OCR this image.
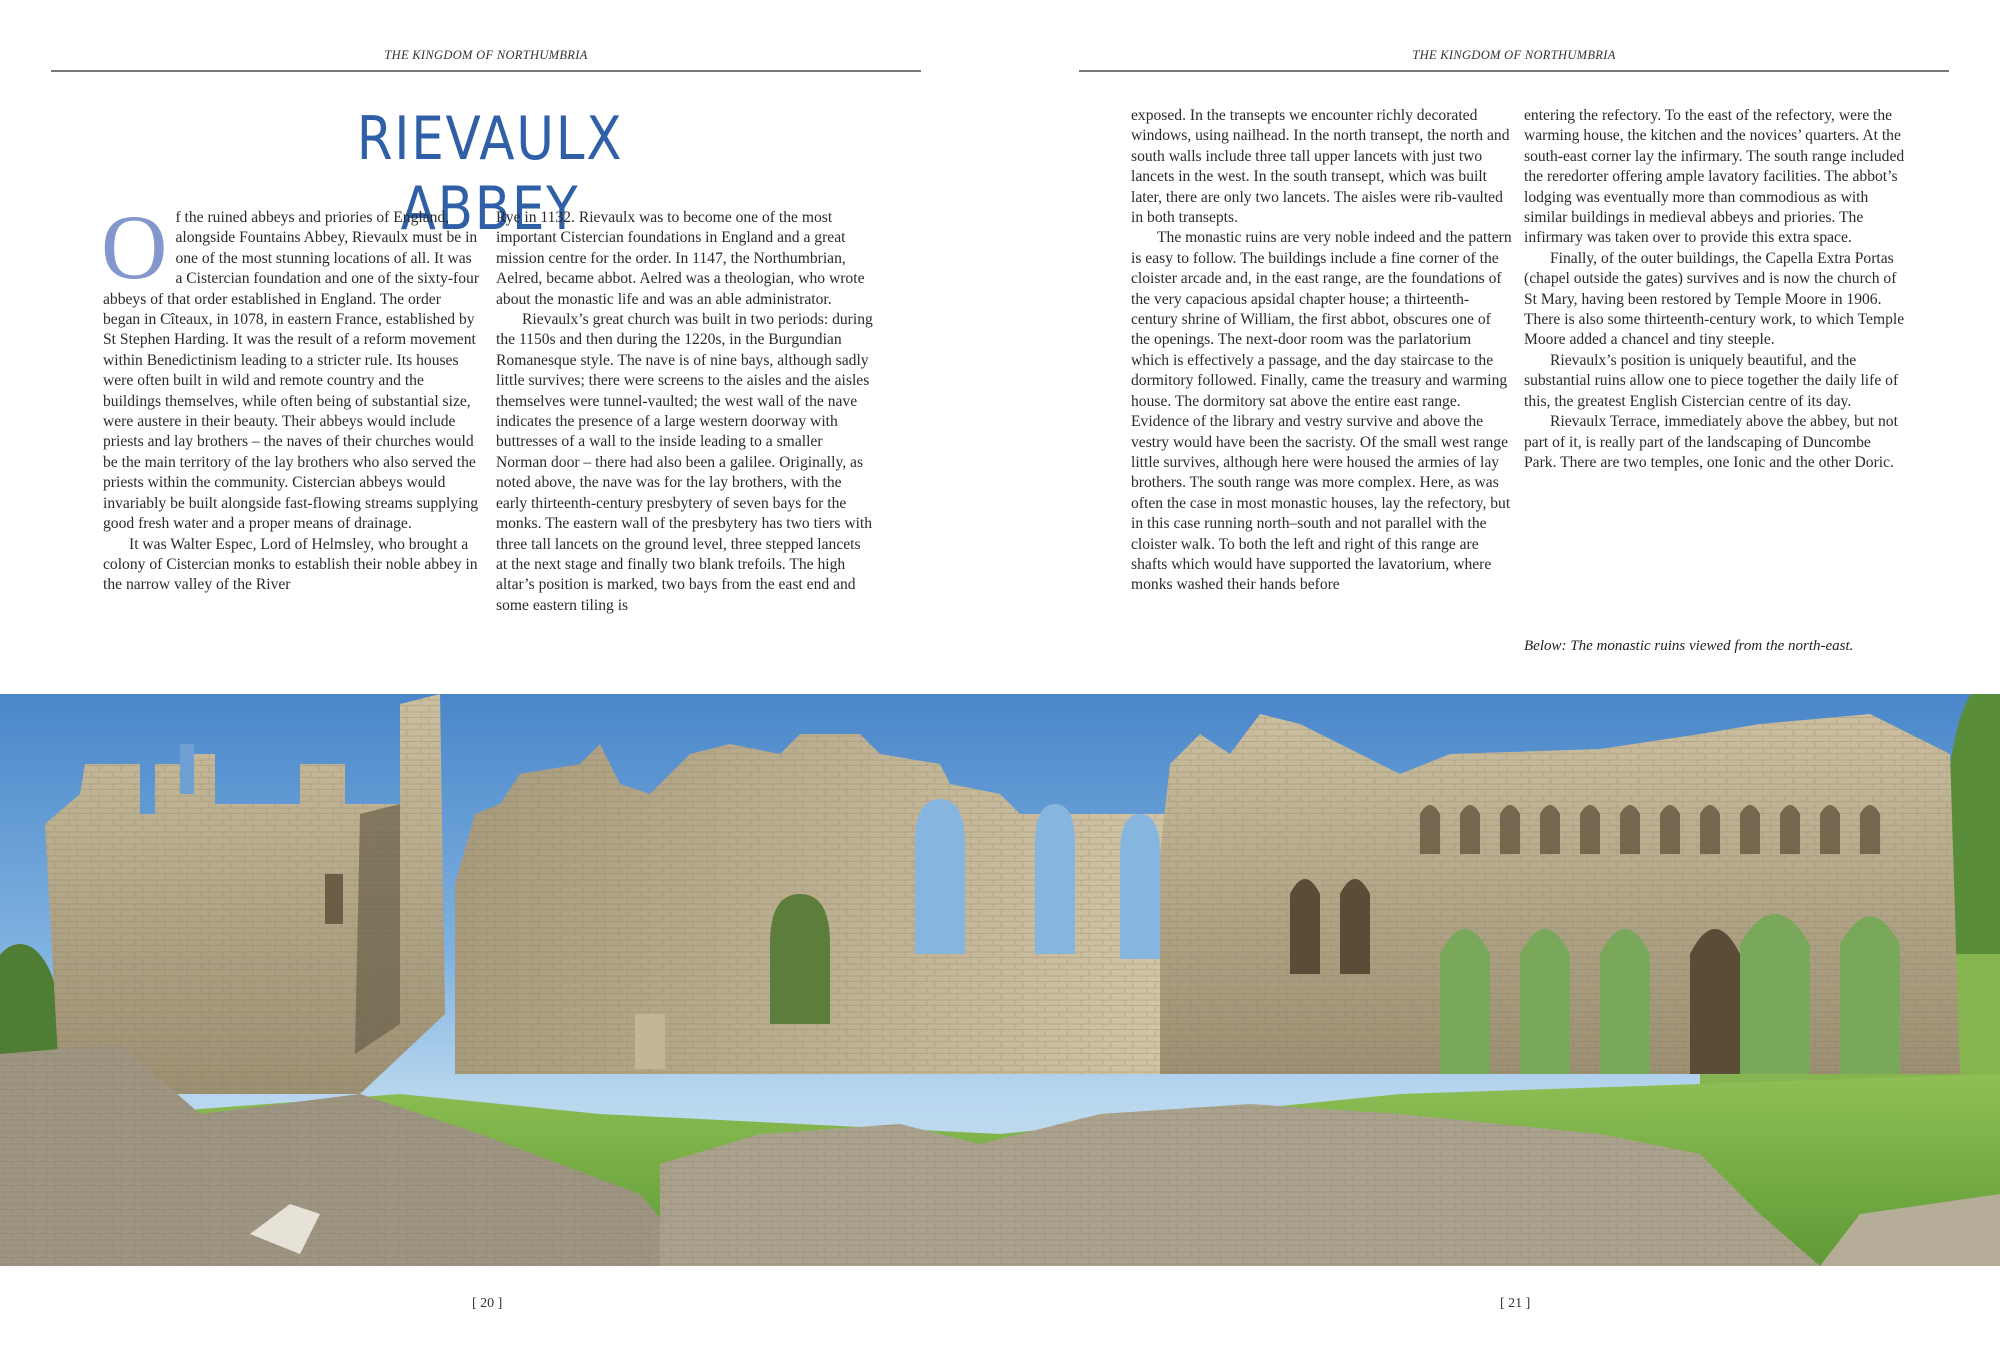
THE KINGDOM OF NORTHUMBRIA
RIEVAULX ABBEY

Of the ruined abbeys and priories of England, alongside Fountains Abbey, Rievaulx must be in one of the most stunning locations of all. It was a Cistercian foundation and one of the sixty-four abbeys of that order established in England. The order began in Cîteaux, in 1078, in eastern France, established by St Stephen Harding. It was the result of a reform movement within Benedictinism leading to a stricter rule. Its houses were often built in wild and remote country and the buildings themselves, while often being of substantial size, were austere in their beauty. Their abbeys would include priests and lay brothers – the naves of their churches would be the main territory of the lay brothers who also served the priests within the community. Cistercian abbeys would invariably be built alongside fast-flowing streams supplying good fresh water and a proper means of drainage.

It was Walter Espec, Lord of Helmsley, who brought a colony of Cistercian monks to establish their noble abbey in the narrow valley of the River

Rye in 1132. Rievaulx was to become one of the most important Cistercian foundations in England and a great mission centre for the order. In 1147, the Northumbrian, Aelred, became abbot. Aelred was a theologian, who wrote about the monastic life and was an able administrator.

Rievaulx’s great church was built in two periods: during the 1150s and then during the 1220s, in the Burgundian Romanesque style. The nave is of nine bays, although sadly little survives; there were screens to the aisles and the aisles themselves were tunnel-vaulted; the west wall of the nave indicates the presence of a large western doorway with buttresses of a wall to the inside leading to a smaller Norman door – there had also been a galilee. Originally, as noted above, the nave was for the lay brothers, with the early thirteenth-century presbytery of seven bays for the monks. The eastern wall of the presbytery has two tiers with three tall lancets on the ground level, three stepped lancets at the next stage and finally two blank trefoils. The high altar’s position is marked, two bays from the east end and some eastern tiling is

THE KINGDOM OF NORTHUMBRIA

exposed. In the transepts we encounter richly decorated windows, using nailhead. In the north transept, the north and south walls include three tall upper lancets with just two lancets in the west. In the south transept, which was built later, there are only two lancets. The aisles were rib-vaulted in both transepts.

The monastic ruins are very noble indeed and the pattern is easy to follow. The buildings include a fine corner of the cloister arcade and, in the east range, are the foundations of the very capacious apsidal chapter house; a thirteenth-century shrine of William, the first abbot, obscures one of the openings. The next-door room was the parlatorium which is effectively a passage, and the day staircase to the dormitory followed. Finally, came the treasury and warming house. The dormitory sat above the entire east range. Evidence of the library and vestry survive and above the vestry would have been the sacristy. Of the small west range little survives, although here were housed the armies of lay brothers. The south range was more complex. Here, as was often the case in most monastic houses, lay the refectory, but in this case running north–south and not parallel with the cloister walk. To both the left and right of this range are shafts which would have supported the lavatorium, where monks washed their hands before

entering the refectory. To the east of the refectory, were the warming house, the kitchen and the novices’ quarters. At the south-east corner lay the infirmary. The south range included the reredorter offering ample lavatory facilities. The abbot’s lodging was eventually more than commodious as with similar buildings in medieval abbeys and priories. The infirmary was taken over to provide this extra space.

Finally, of the outer buildings, the Capella Extra Portas (chapel outside the gates) survives and is now the church of St Mary, having been restored by Temple Moore in 1906. There is also some thirteenth-century work, to which Temple Moore added a chancel and tiny steeple.

Rievaulx’s position is uniquely beautiful, and the substantial ruins allow one to piece together the daily life of this, the greatest English Cistercian centre of its day.

Rievaulx Terrace, immediately above the abbey, but not part of it, is really part of the landscaping of Duncombe Park. There are two temples, one Ionic and the other Doric.

Below: The monastic ruins viewed from the north-east.
[ 20 ]	[ 21 ]
